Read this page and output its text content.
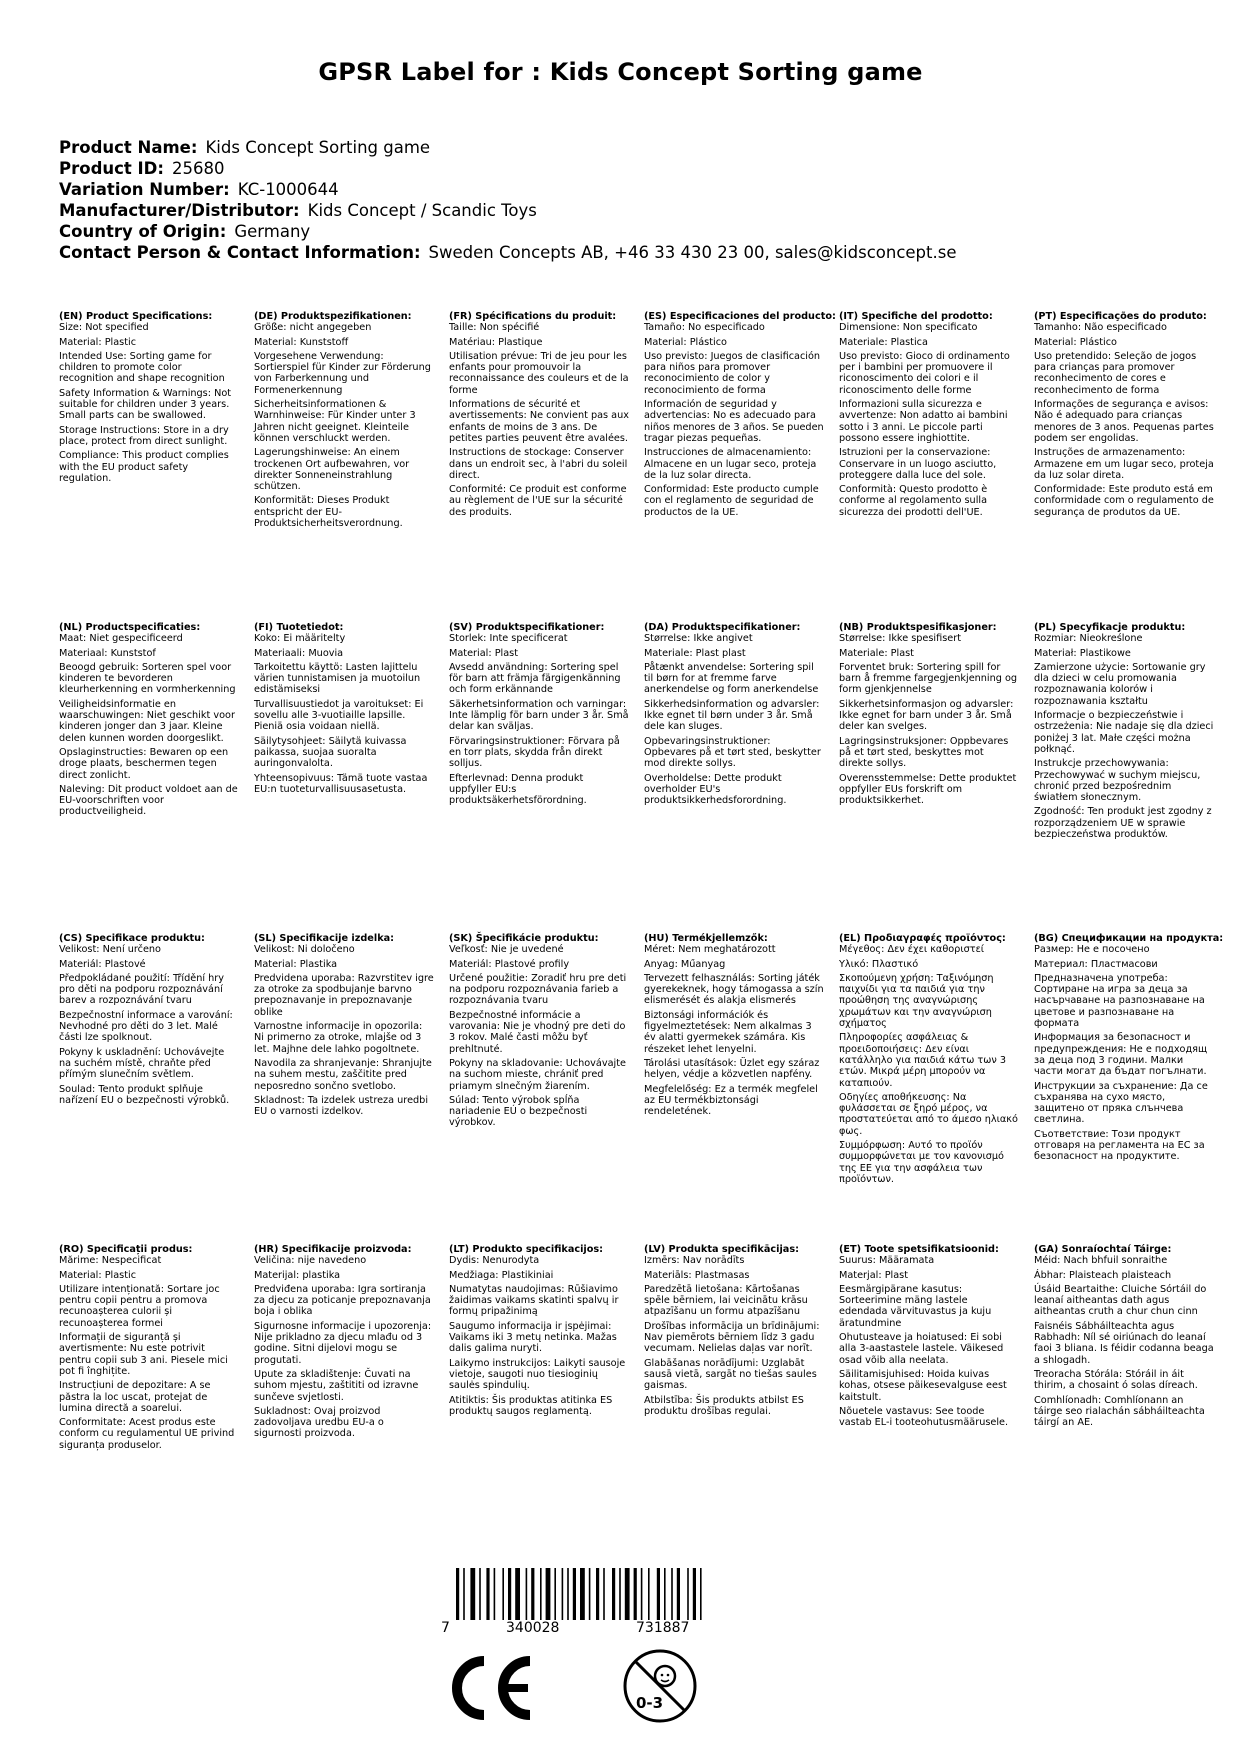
GPSR Label for : Kids Concept Sorting game
Product Name: Kids Concept Sorting game
Product ID: 25680
Variation Number: KC-1000644
Manufacturer/Distributor: Kids Concept / Scandic Toys
Country of Origin: Germany
Contact Person & Contact Information: Sweden Concepts AB, +46 33 430 23 00, sales@kidsconcept.se
(EN) Product Specifications:
Size: Not specified
Material: Plastic
Intended Use: Sorting game for children to promote color recognition and shape recognition
Safety Information & Warnings: Not suitable for children under 3 years. Small parts can be swallowed.
Storage Instructions: Store in a dry place, protect from direct sunlight.
Compliance: This product complies with the EU product safety regulation.
(DE) Produktspezifikationen:
Größe: nicht angegeben
Material: Kunststoff
Vorgesehene Verwendung: Sortierspiel für Kinder zur Förderung von Farberkennung und Formenerkennung
Sicherheitsinformationen & Warnhinweise: Für Kinder unter 3 Jahren nicht geeignet. Kleinteile können verschluckt werden.
Lagerungshinweise: An einem trockenen Ort aufbewahren, vor direkter Sonneneinstrahlung schützen.
Konformität: Dieses Produkt entspricht der EU-Produktsicherheitsverordnung.
(FR) Spécifications du produit:
Taille: Non spécifié
Matériau: Plastique
Utilisation prévue: Tri de jeu pour les enfants pour promouvoir la reconnaissance des couleurs et de la forme
Informations de sécurité et avertissements: Ne convient pas aux enfants de moins de 3 ans. De petites parties peuvent être avalées.
Instructions de stockage: Conserver dans un endroit sec, à l'abri du soleil direct.
Conformité: Ce produit est conforme au règlement de l'UE sur la sécurité des produits.
(ES) Especificaciones del producto:
Tamaño: No especificado
Material: Plástico
Uso previsto: Juegos de clasificación para niños para promover reconocimiento de color y reconocimiento de forma
Información de seguridad y advertencias: No es adecuado para niños menores de 3 años. Se pueden tragar piezas pequeñas.
Instrucciones de almacenamiento: Almacene en un lugar seco, proteja de la luz solar directa.
Conformidad: Este producto cumple con el reglamento de seguridad de productos de la UE.
(IT) Specifiche del prodotto:
Dimensione: Non specificato
Materiale: Plastica
Uso previsto: Gioco di ordinamento per i bambini per promuovere il riconoscimento dei colori e il riconoscimento delle forme
Informazioni sulla sicurezza e avvertenze: Non adatto ai bambini sotto i 3 anni. Le piccole parti possono essere inghiottite.
Istruzioni per la conservazione: Conservare in un luogo asciutto, proteggere dalla luce del sole.
Conformità: Questo prodotto è conforme al regolamento sulla sicurezza dei prodotti dell'UE.
(PT) Especificações do produto:
Tamanho: Não especificado
Material: Plástico
Uso pretendido: Seleção de jogos para crianças para promover reconhecimento de cores e reconhecimento de forma
Informações de segurança e avisos: Não é adequado para crianças menores de 3 anos. Pequenas partes podem ser engolidas.
Instruções de armazenamento: Armazene em um lugar seco, proteja da luz solar direta.
Conformidade: Este produto está em conformidade com o regulamento de segurança de produtos da UE.
(NL) Productspecificaties:
Maat: Niet gespecificeerd
Materiaal: Kunststof
Beoogd gebruik: Sorteren spel voor kinderen te bevorderen kleurherkenning en vormherkenning
Veiligheidsinformatie en waarschuwingen: Niet geschikt voor kinderen jonger dan 3 jaar. Kleine delen kunnen worden doorgeslikt.
Opslaginstructies: Bewaren op een droge plaats, beschermen tegen direct zonlicht.
Naleving: Dit product voldoet aan de EU-voorschriften voor productveiligheid.
(FI) Tuotetiedot:
Koko: Ei määritelty
Materiaali: Muovia
Tarkoitettu käyttö: Lasten lajittelu värien tunnistamisen ja muotoilun edistämiseksi
Turvallisuustiedot ja varoitukset: Ei sovellu alle 3-vuotiaille lapsille. Pieniä osia voidaan niellä.
Säilytysohjeet: Säilytä kuivassa paikassa, suojaa suoralta auringonvalolta.
Yhteensopivuus: Tämä tuote vastaa EU:n tuoteturvallisuusasetusta.
(SV) Produktspecifikationer:
Storlek: Inte specificerat
Material: Plast
Avsedd användning: Sortering spel för barn att främja färgigenkänning och form erkännande
Säkerhetsinformation och varningar: Inte lämplig för barn under 3 år. Små delar kan sväljas.
Förvaringsinstruktioner: Förvara på en torr plats, skydda från direkt solljus.
Efterlevnad: Denna produkt uppfyller EU:s produktsäkerhetsförordning.
(DA) Produktspecifikationer:
Størrelse: Ikke angivet
Materiale: Plast plast
Påtænkt anvendelse: Sortering spil til børn for at fremme farve anerkendelse og form anerkendelse
Sikkerhedsinformation og advarsler: Ikke egnet til børn under 3 år. Små dele kan sluges.
Opbevaringsinstruktioner: Opbevares på et tørt sted, beskytter mod direkte sollys.
Overholdelse: Dette produkt overholder EU's produktsikkerhedsforordning.
(NB) Produktspesifikasjoner:
Størrelse: Ikke spesifisert
Materiale: Plast
Forventet bruk: Sortering spill for barn å fremme fargegjenkjenning og form gjenkjennelse
Sikkerhetsinformasjon og advarsler: Ikke egnet for barn under 3 år. Små deler kan svelges.
Lagringsinstruksjoner: Oppbevares på et tørt sted, beskyttes mot direkte sollys.
Overensstemmelse: Dette produktet oppfyller EUs forskrift om produktsikkerhet.
(PL) Specyfikacje produktu:
Rozmiar: Nieokreślone
Materiał: Plastikowe
Zamierzone użycie: Sortowanie gry dla dzieci w celu promowania rozpoznawania kolorów i rozpoznawania kształtu
Informacje o bezpieczeństwie i ostrzeżenia: Nie nadaje się dla dzieci poniżej 3 lat. Małe części można połknąć.
Instrukcje przechowywania: Przechowywać w suchym miejscu, chronić przed bezpośrednim światłem słonecznym.
Zgodność: Ten produkt jest zgodny z rozporządzeniem UE w sprawie bezpieczeństwa produktów.
(CS) Specifikace produktu:
Velikost: Není určeno
Materiál: Plastové
Předpokládané použití: Třídění hry pro děti na podporu rozpoznávání barev a rozpoznávání tvaru
Bezpečnostní informace a varování: Nevhodné pro děti do 3 let. Malé části lze spolknout.
Pokyny k uskladnění: Uchovávejte na suchém místě, chraňte před přímým slunečním světlem.
Soulad: Tento produkt splňuje nařízení EU o bezpečnosti výrobků.
(SL) Specifikacije izdelka:
Velikost: Ni določeno
Material: Plastika
Predvidena uporaba: Razvrstitev igre za otroke za spodbujanje barvno prepoznavanje in prepoznavanje oblike
Varnostne informacije in opozorila: Ni primerno za otroke, mlajše od 3 let. Majhne dele lahko pogoltnete.
Navodila za shranjevanje: Shranjujte na suhem mestu, zaščitite pred neposredno sončno svetlobo.
Skladnost: Ta izdelek ustreza uredbi EU o varnosti izdelkov.
(SK) Špecifikácie produktu:
Veľkosť: Nie je uvedené
Materiál: Plastové profily
Určené použitie: Zoradiť hru pre deti na podporu rozpoznávania farieb a rozpoznávania tvaru
Bezpečnostné informácie a varovania: Nie je vhodný pre deti do 3 rokov. Malé časti môžu byť prehltnuté.
Pokyny na skladovanie: Uchovávajte na suchom mieste, chrániť pred priamym slnečným žiarením.
Súlad: Tento výrobok spĺňa nariadenie EÚ o bezpečnosti výrobkov.
(HU) Termékjellemzők:
Méret: Nem meghatározott
Anyag: Műanyag
Tervezett felhasználás: Sorting játék gyerekeknek, hogy támogassa a szín elismerését és alakja elismerés
Biztonsági információk és figyelmeztetések: Nem alkalmas 3 év alatti gyermekek számára. Kis részeket lehet lenyelni.
Tárolási utasítások: Üzlet egy száraz helyen, védje a közvetlen napfény.
Megfelelőség: Ez a termék megfelel az EU termékbiztonsági rendeletének.
(EL) Προδιαγραφές προϊόντος:
Μέγεθος: Δεν έχει καθοριστεί
Υλικό: Πλαστικό
Σκοπούμενη χρήση: Ταξινόμηση παιχνίδι για τα παιδιά για την προώθηση της αναγνώρισης χρωμάτων και την αναγνώριση σχήματος
Πληροφορίες ασφάλειας & προειδοποιήσεις: Δεν είναι κατάλληλο για παιδιά κάτω των 3 ετών. Μικρά μέρη μπορούν να καταπιούν.
Οδηγίες αποθήκευσης: Να φυλάσσεται σε ξηρό μέρος, να προστατεύεται από το άμεσο ηλιακό φως.
Συμμόρφωση: Αυτό το προϊόν συμμορφώνεται με τον κανονισμό της ΕΕ για την ασφάλεια των προϊόντων.
(BG) Спецификации на продукта:
Размер: Не е посочено
Материал: Пластмасови
Предназначена употреба: Сортиране на игра за деца за насърчаване на разпознаване на цветове и разпознаване на формата
Информация за безопасност и предупреждения: Не е подходящ за деца под 3 години. Малки части могат да бъдат погълнати.
Инструкции за съхранение: Да се съхранява на сухо място, защитено от пряка слънчева светлина.
Съответствие: Този продукт отговаря на регламента на ЕС за безопасност на продуктите.
(RO) Specificații produs:
Mărime: Nespecificat
Material: Plastic
Utilizare intenționată: Sortare joc pentru copii pentru a promova recunoașterea culorii și recunoașterea formei
Informații de siguranță și avertismente: Nu este potrivit pentru copii sub 3 ani. Piesele mici pot fi înghițite.
Instrucțiuni de depozitare: A se păstra la loc uscat, protejat de lumina directă a soarelui.
Conformitate: Acest produs este conform cu regulamentul UE privind siguranța produselor.
(HR) Specifikacije proizvoda:
Veličina: nije navedeno
Materijal: plastika
Predviđena uporaba: Igra sortiranja za djecu za poticanje prepoznavanja boja i oblika
Sigurnosne informacije i upozorenja: Nije prikladno za djecu mlađu od 3 godine. Sitni dijelovi mogu se progutati.
Upute za skladištenje: Čuvati na suhom mjestu, zaštititi od izravne sunčeve svjetlosti.
Sukladnost: Ovaj proizvod zadovoljava uredbu EU-a o sigurnosti proizvoda.
(LT) Produkto specifikacijos:
Dydis: Nenurodyta
Medžiaga: Plastikiniai
Numatytas naudojimas: Rūšiavimo žaidimas vaikams skatinti spalvų ir formų pripažinimą
Saugumo informacija ir įspėjimai: Vaikams iki 3 metų netinka. Mažas dalis galima nuryti.
Laikymo instrukcijos: Laikyti sausoje vietoje, saugoti nuo tiesioginių saulės spindulių.
Atitiktis: Šis produktas atitinka ES produktų saugos reglamentą.
(LV) Produkta specifikācijas:
Izmērs: Nav norādīts
Materiāls: Plastmasas
Paredzētā lietošana: Kārtošanas spēle bērniem, lai veicinātu krāsu atpazīšanu un formu atpazīšanu
Drošības informācija un brīdinājumi: Nav piemērots bērniem līdz 3 gadu vecumam. Nelielas daļas var norīt.
Glabāšanas norādījumi: Uzglabāt sausā vietā, sargāt no tiešas saules gaismas.
Atbilstība: Šis produkts atbilst ES produktu drošības regulai.
(ET) Toote spetsifikatsioonid:
Suurus: Määramata
Materjal: Plast
Eesmärgipärane kasutus: Sorteerimine mäng lastele edendada värvituvastus ja kuju äratundmine
Ohutusteave ja hoiatused: Ei sobi alla 3-aastastele lastele. Väikesed osad võib alla neelata.
Säilitamisjuhised: Hoida kuivas kohas, otsese päikesevalguse eest kaitstult.
Nõuetele vastavus: See toode vastab EL-i tooteohutusmäärusele.
(GA) Sonraíochtaí Táirge:
Méid: Nach bhfuil sonraithe
Ábhar: Plaisteach plaisteach
Úsáid Beartaithe: Cluiche Sórtáil do leanaí aitheantas dath agus aitheantas cruth a chur chun cinn
Faisnéis Sábháilteachta agus Rabhadh: Níl sé oiriúnach do leanaí faoi 3 bliana. Is féidir codanna beaga a shlogadh.
Treoracha Stórála: Stóráil in áit thirim, a chosaint ó solas díreach.
Comhlíonadh: Comhlíonann an táirge seo rialachán sábháilteachta táirgí an AE.
7	340028	731887
0-3
